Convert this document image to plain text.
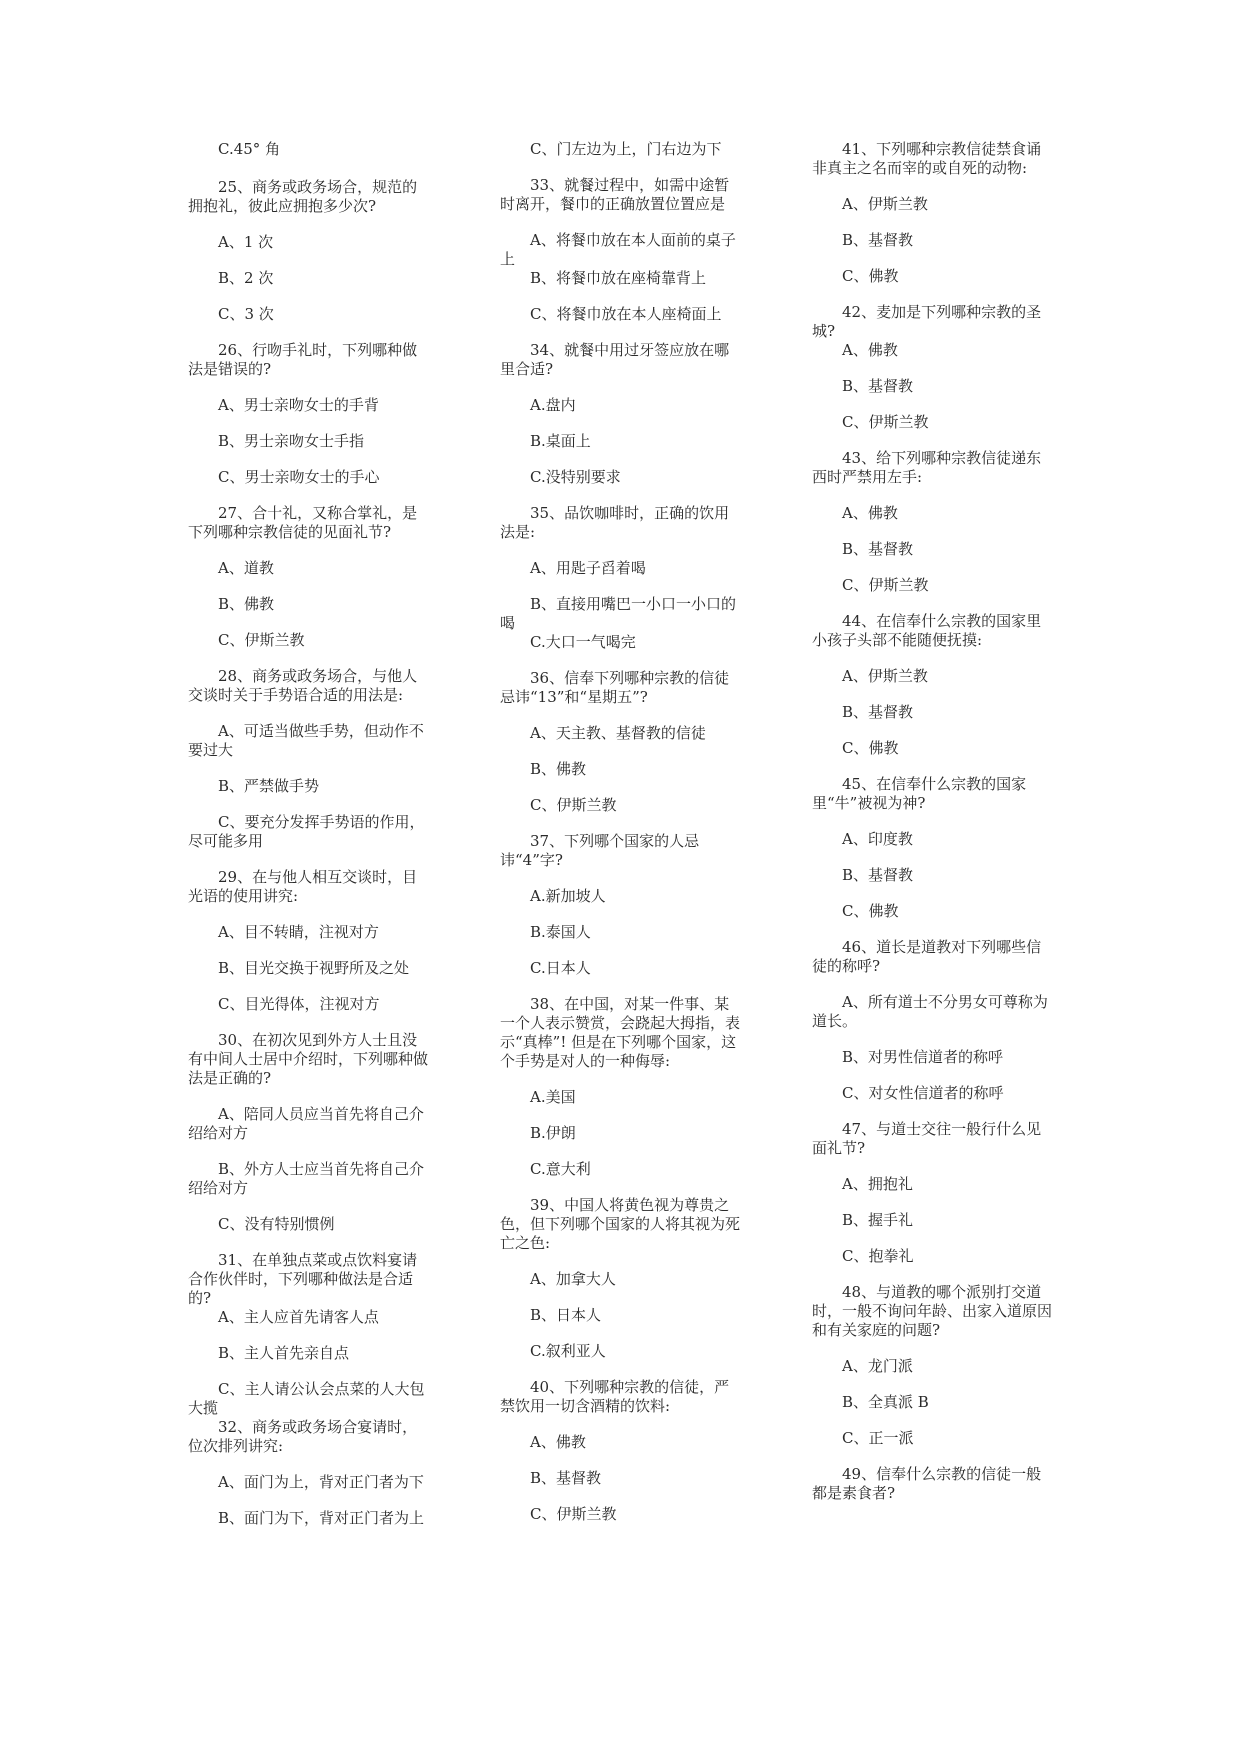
C.45° 角

25、商务或政务场合，规范的拥抱礼，彼此应拥抱多少次?

A、1 次

B、2 次

C、3 次

26、行吻手礼时，下列哪种做法是错误的?

A、男士亲吻女士的手背

B、男士亲吻女士手指

C、男士亲吻女士的手心

27、合十礼，又称合掌礼，是下列哪种宗教信徒的见面礼节?

A、道教

B、佛教

C、伊斯兰教

28、商务或政务场合，与他人交谈时关于手势语合适的用法是:

A、可适当做些手势，但动作不要过大

B、严禁做手势

C、要充分发挥手势语的作用，尽可能多用

29、在与他人相互交谈时，目光语的使用讲究:

A、目不转睛，注视对方

B、目光交换于视野所及之处

C、目光得体，注视对方

30、在初次见到外方人士且没有中间人士居中介绍时，下列哪种做法是正确的?

A、陪同人员应当首先将自己介绍给对方

B、外方人士应当首先将自己介绍给对方

C、没有特别惯例

31、在单独点菜或点饮料宴请合作伙伴时，下列哪种做法是合适的?

A、主人应首先请客人点

B、主人首先亲自点

C、主人请公认会点菜的人大包大揽

32、商务或政务场合宴请时，位次排列讲究:

A、面门为上，背对正门者为下

B、面门为下，背对正门者为上

C、门左边为上，门右边为下

33、就餐过程中，如需中途暂时离开，餐巾的正确放置位置应是

A、将餐巾放在本人面前的桌子上

B、将餐巾放在座椅靠背上

C、将餐巾放在本人座椅面上

34、就餐中用过牙签应放在哪里合适?

A.盘内

B.桌面上

C.没特别要求

35、品饮咖啡时，正确的饮用法是:

A、用匙子舀着喝

B、直接用嘴巴一小口一小口的喝

C.大口一气喝完

36、信奉下列哪种宗教的信徒忌讳“13”和“星期五”?

A、天主教、基督教的信徒

B、佛教

C、伊斯兰教

37、下列哪个国家的人忌讳“4”字?

A.新加坡人

B.泰国人

C.日本人

38、在中国，对某一件事、某一个人表示赞赏，会跷起大拇指，表示“真棒”! 但是在下列哪个国家，这个手势是对人的一种侮辱:

A.美国

B.伊朗

C.意大利

39、中国人将黄色视为尊贵之色，但下列哪个国家的人将其视为死亡之色:

A、加拿大人

B、日本人

C.叙利亚人

40、下列哪种宗教的信徒，严禁饮用一切含酒精的饮料:

A、佛教

B、基督教

C、伊斯兰教

41、下列哪种宗教信徒禁食诵非真主之名而宰的或自死的动物:

A、伊斯兰教

B、基督教

C、佛教

42、麦加是下列哪种宗教的圣城?

A、佛教

B、基督教

C、伊斯兰教

43、给下列哪种宗教信徒递东西时严禁用左手:

A、佛教

B、基督教

C、伊斯兰教

44、在信奉什么宗教的国家里小孩子头部不能随便抚摸:

A、伊斯兰教

B、基督教

C、佛教

45、在信奉什么宗教的国家里“牛”被视为神?

A、印度教

B、基督教

C、佛教

46、道长是道教对下列哪些信徒的称呼?

A、所有道士不分男女可尊称为道长。

B、对男性信道者的称呼

C、对女性信道者的称呼

47、与道士交往一般行什么见面礼节?

A、拥抱礼

B、握手礼

C、抱拳礼

48、与道教的哪个派别打交道时，一般不询问年龄、出家入道原因和有关家庭的问题?

A、龙门派

B、全真派 B

C、正一派

49、信奉什么宗教的信徒一般都是素食者?
